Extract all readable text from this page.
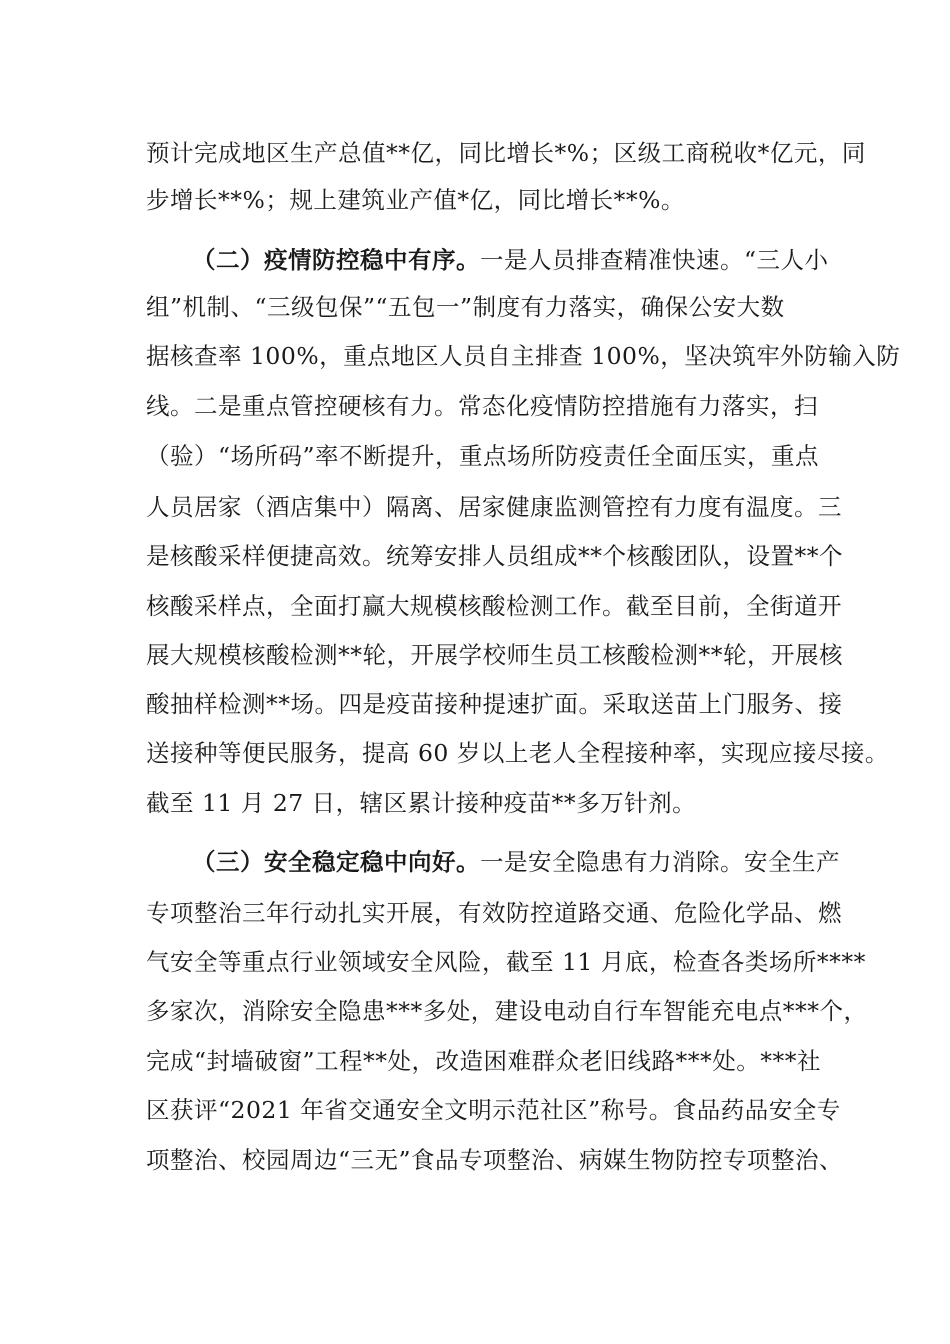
预计完成地区生产总值**亿，同比增长*%；区级工商税收*亿元，同
步增长**%；规上建筑业产值*亿，同比增长**%。
（二）疫情防控稳中有序。一是人员排查精准快速。“三人小
组”机制、“三级包保”“五包一”制度有力落实，确保公安大数
据核查率 100%，重点地区人员自主排查 100%，坚决筑牢外防输入防
线。二是重点管控硬核有力。常态化疫情防控措施有力落实，扫
（验）“场所码”率不断提升，重点场所防疫责任全面压实，重点
人员居家（酒店集中）隔离、居家健康监测管控有力度有温度。三
是核酸采样便捷高效。统筹安排人员组成**个核酸团队，设置**个
核酸采样点，全面打赢大规模核酸检测工作。截至目前，全街道开
展大规模核酸检测**轮，开展学校师生员工核酸检测**轮，开展核
酸抽样检测**场。四是疫苗接种提速扩面。采取送苗上门服务、接
送接种等便民服务，提高 60 岁以上老人全程接种率，实现应接尽接。
截至 11 月 27 日，辖区累计接种疫苗**多万针剂。
（三）安全稳定稳中向好。一是安全隐患有力消除。安全生产
专项整治三年行动扎实开展，有效防控道路交通、危险化学品、燃
气安全等重点行业领域安全风险，截至 11 月底，检查各类场所****
多家次，消除安全隐患***多处，建设电动自行车智能充电点***个，
完成“封墙破窗”工程**处，改造困难群众老旧线路***处。***社
区获评“2021 年省交通安全文明示范社区”称号。食品药品安全专
项整治、校园周边“三无”食品专项整治、病媒生物防控专项整治、
